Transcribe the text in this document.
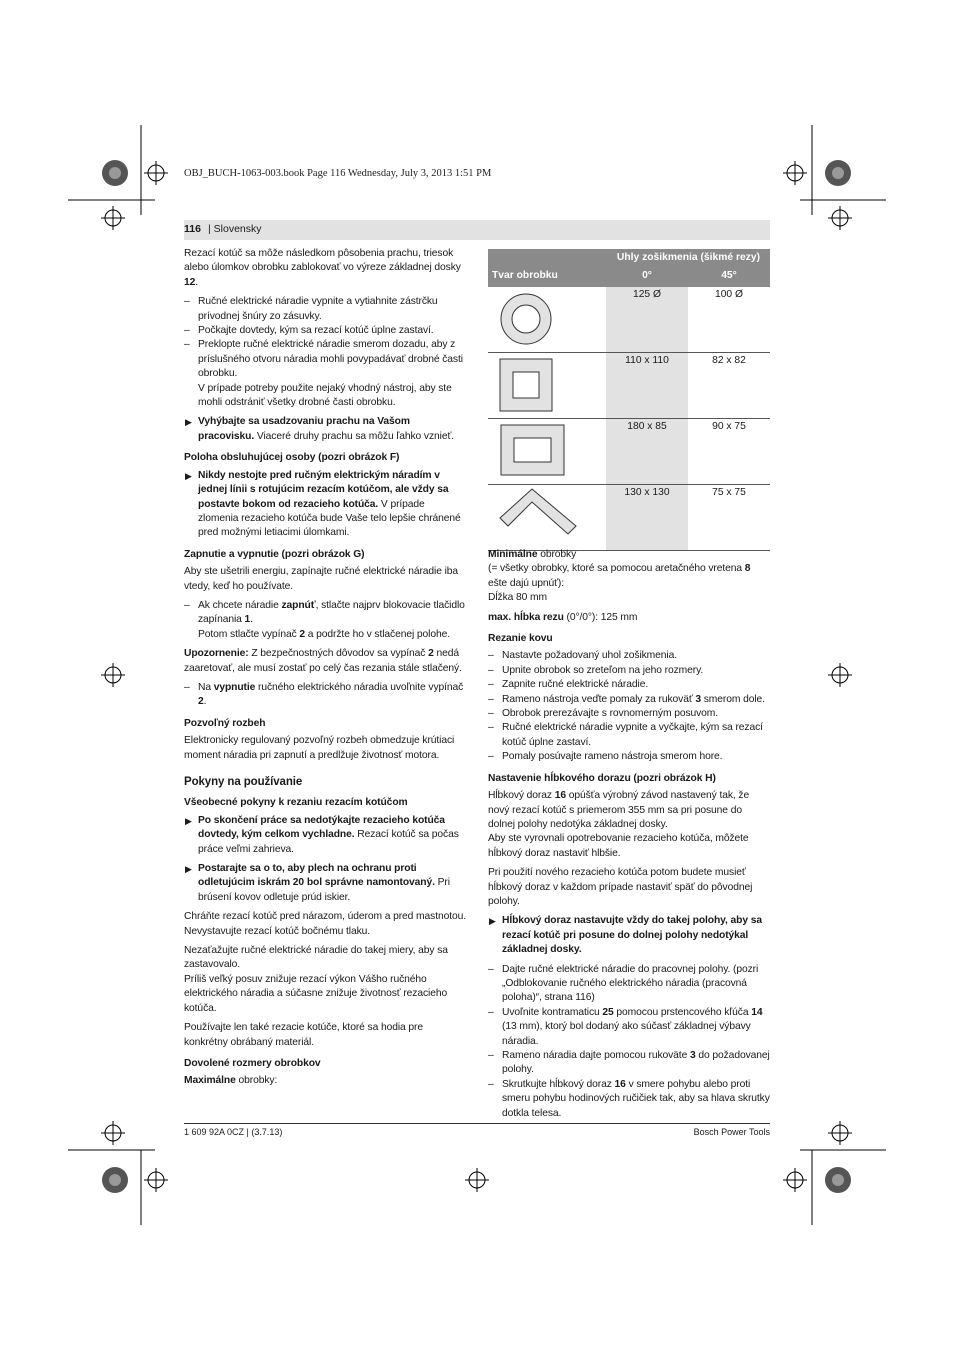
OBJ_BUCH-1063-003.book Page 116 Wednesday, July 3, 2013 1:51 PM
116 | Slovensky

Rezací kotúč sa môže následkom pôsobenia prachu, triesok alebo úlomkov obrobku zablokovať vo výreze základnej dosky 12.

– Ručné elektrické náradie vypnite a vytiahnite zástrčku prívodnej šnúry zo zásuvky.
– Počkajte dovtedy, kým sa rezací kotúč úplne zastaví.
– Preklopte ručné elektrické náradie smerom dozadu, aby z príslušného otvoru náradia mohli povypadávať drobné časti obrobku.
V prípade potreby použite nejaký vhodný nástroj, aby ste mohli odstrániť všetky drobné časti obrobku.
▶ Vyhýbajte sa usadzovaniu prachu na Vašom pracovisku. Viaceré druhy prachu sa môžu ľahko vznieť.
Poloha obsluhujúcej osoby (pozri obrázok F)
▶ Nikdy nestojte pred ručným elektrickým náradím v jednej línii s rotujúcim rezacím kotúčom, ale vždy sa postavte bokom od rezacieho kotúča. V prípade zlomenia rezacieho kotúča bude Vaše telo lepšie chránené pred možnými letiacimi úlomkami.
Zapnutie a vypnutie (pozri obrázok G)

Aby ste ušetrili energiu, zapínajte ručné elektrické náradie iba vtedy, keď ho používate.

– Ak chcete náradie zapnúť, stlačte najprv blokovacie tlačidlo zapínania 1.
Potom stlačte vypínač 2 a podržte ho v stlačenej polohe.

Upozornenie: Z bezpečnostných dôvodov sa vypínač 2 nedá zaaretovať, ale musí zostať po celý čas rezania stále stlačený.

– Na vypnutie ručného elektrického náradia uvoľnite vypínač 2.
Pozvoľný rozbeh

Elektronicky regulovaný pozvoľný rozbeh obmedzuje krútiaci moment náradia pri zapnutí a predlžuje životnosť motora.

Pokyny na používanie
Všeobecné pokyny k rezaniu rezacím kotúčom
▶ Po skončení práce sa nedotýkajte rezacieho kotúča dovtedy, kým celkom vychladne. Rezací kotúč sa počas práce veľmi zahrieva.
▶ Postarajte sa o to, aby plech na ochranu proti odletujúcim iskrám 20 bol správne namontovaný. Pri brúsení kovov odletuje prúd iskier.

Chráňte rezací kotúč pred nárazom, úderom a pred mastnotou. Nevystavujte rezací kotúč bočnému tlaku.

Nezaťažujte ručné elektrické náradie do takej miery, aby sa zastavovalo.

Príliš veľký posuv znižuje rezací výkon Vášho ručného elektrického náradia a súčasne znižuje životnosť rezacieho kotúča.

Používajte len také rezacie kotúče, ktoré sa hodia pre konkrétny obrábaný materiál.

Dovolené rozmery obrobkov

Maximálne obrobky:

Uhly zošikmenia (šikmé rezy)
Tvar obrobku	0°	45°
125 Ø	100 Ø
110 x 110	82 x 82
180 x 85	90 x 75
130 x 130	75 x 75

Minimálne obrobky

(= všetky obrobky, ktoré sa pomocou aretačného vretena 8 ešte dajú upnúť):

Dĺžka 80 mm

max. hĺbka rezu (0°/0°): 125 mm

Rezanie kovu
– Nastavte požadovaný uhol zošikmenia.
– Upnite obrobok so zreteľom na jeho rozmery.
– Zapnite ručné elektrické náradie.
– Rameno nástroja veďte pomaly za rukoväť 3 smerom dole.
– Obrobok prerezávajte s rovnomerným posuvom.
– Ručné elektrické náradie vypnite a vyčkajte, kým sa rezací kotúč úplne zastaví.
– Pomaly posúvajte rameno nástroja smerom hore.
Nastavenie hĺbkového dorazu (pozri obrázok H)

Hĺbkový doraz 16 opúšťa výrobný závod nastavený tak, že nový rezací kotúč s priemerom 355 mm sa pri posune do dolnej polohy nedotýka základnej dosky.

Aby ste vyrovnali opotrebovanie rezacieho kotúča, môžete hĺbkový doraz nastaviť hlbšie.

Pri použití nového rezacieho kotúča potom budete musieť hĺbkový doraz v každom prípade nastaviť späť do pôvodnej polohy.

▶ Hĺbkový doraz nastavujte vždy do takej polohy, aby sa rezací kotúč pri posune do dolnej polohy nedotýkal základnej dosky.
– Dajte ručné elektrické náradie do pracovnej polohy. (pozri „Odblokovanie ručného elektrického náradia (pracovná poloha)“, strana 116)
– Uvoľnite kontramaticu 25 pomocou prstencového kľúča 14 (13 mm), ktorý bol dodaný ako súčasť základnej výbavy náradia.
– Rameno náradia dajte pomocou rukoväte 3 do požadovanej polohy.
– Skrutkujte hĺbkový doraz 16 v smere pohybu alebo proti smeru pohybu hodinových ručičiek tak, aby sa hlava skrutky dotkla telesa.
1 609 92A 0CZ | (3.7.13)	Bosch Power Tools
